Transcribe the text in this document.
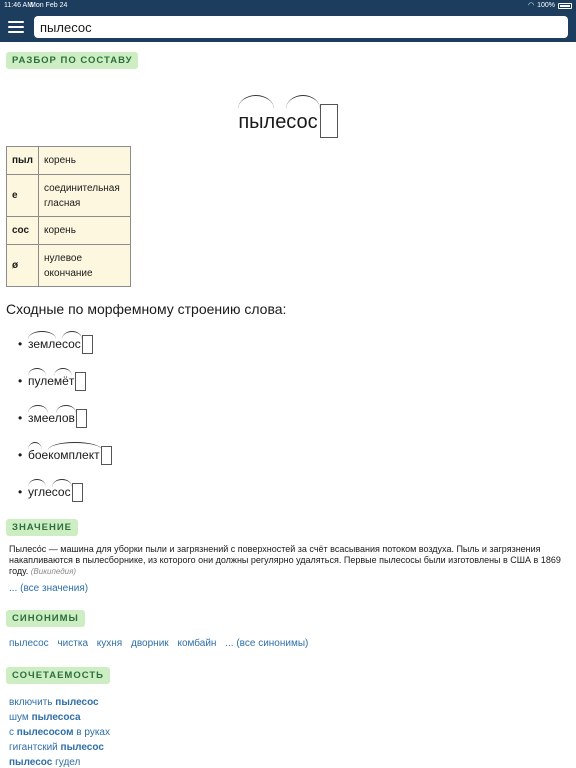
11:46 AM
Mon Feb 24	◠ 100%
пылесос
РАЗБОР ПО СОСТАВУ
пылесос
пыл	корень
е	соединительная гласная
сос	корень
ø	нулевое окончание
Сходные по морфемному строению слова:
•
землесос
•
пулемёт
•
змеелов
•
боекомплект
•
углесос
ЗНАЧЕНИЕ
Пылесо́с — машина для уборки пыли и загрязнений с поверхностей за счёт всасывания потоком воздуха. Пыль и загрязнения накапливаются в пылесборнике, из которого они должны регулярно удаляться. Первые пылесосы были изготовлены в США в 1869 году. (Википедия)
... (все значения)
СИНОНИМЫ
пылесос чистка кухня дворник комбайн ... (все синонимы)
СОЧЕТАЕМОСТЬ
включить пылесос
шум пылесоса
с пылесосом в руках
гигантский пылесос
пылесос гудел
